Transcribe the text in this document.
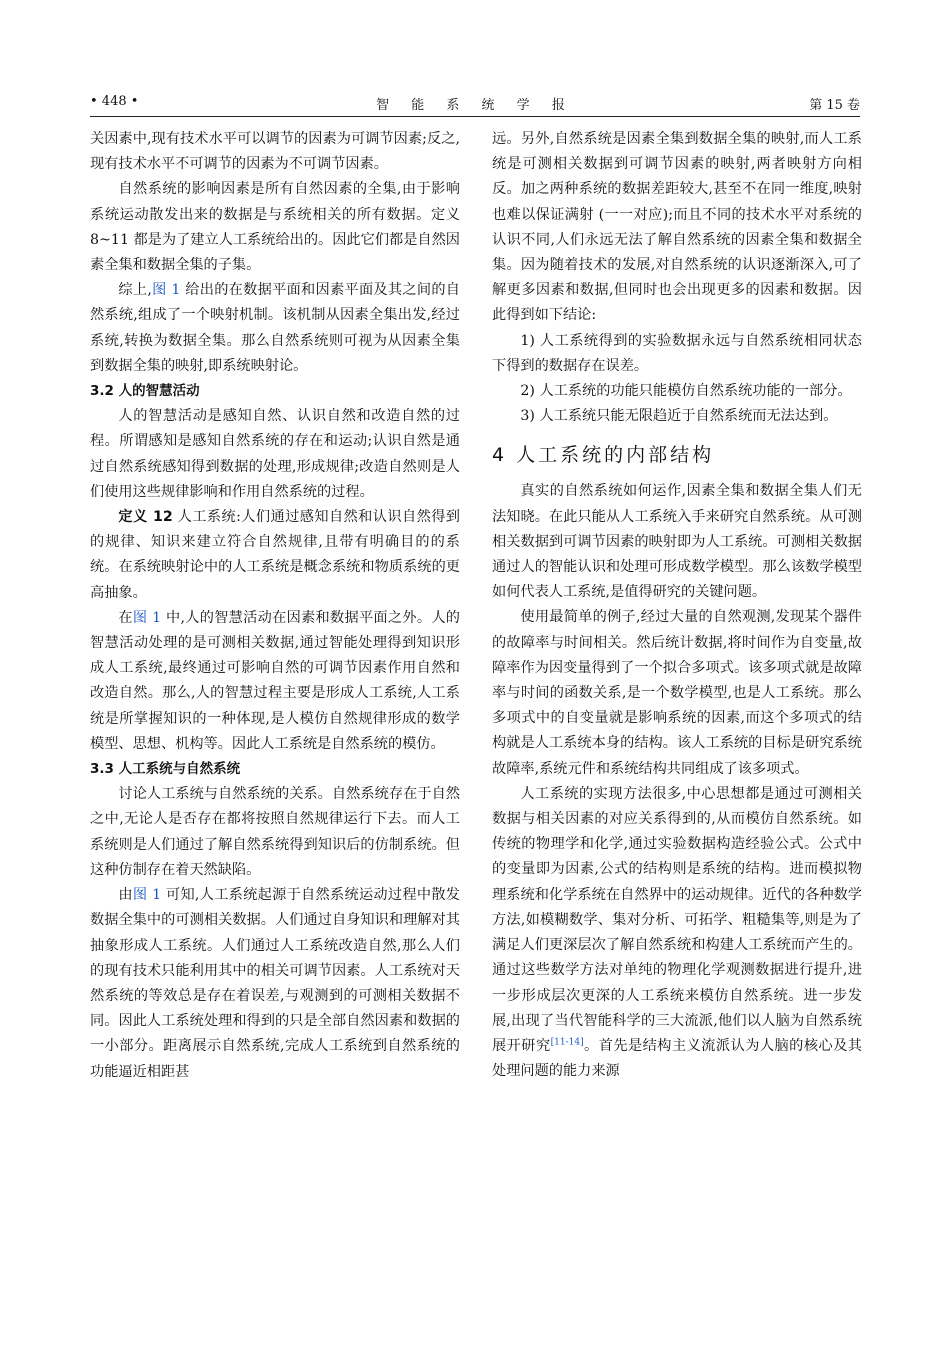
• 448 •	智 能 系 统 学 报	第 15 卷

关因素中,现有技术水平可以调节的因素为可调节因素;反之,现有技术水平不可调节的因素为不可调节因素。

自然系统的影响因素是所有自然因素的全集,由于影响系统运动散发出来的数据是与系统相关的所有数据。定义 8~11 都是为了建立人工系统给出的。因此它们都是自然因素全集和数据全集的子集。

综上,图 1 给出的在数据平面和因素平面及其之间的自然系统,组成了一个映射机制。该机制从因素全集出发,经过系统,转换为数据全集。那么自然系统则可视为从因素全集到数据全集的映射,即系统映射论。

3.2 人的智慧活动

人的智慧活动是感知自然、认识自然和改造自然的过程。所谓感知是感知自然系统的存在和运动;认识自然是通过自然系统感知得到数据的处理,形成规律;改造自然则是人们使用这些规律影响和作用自然系统的过程。

定义 12 人工系统:人们通过感知自然和认识自然得到的规律、知识来建立符合自然规律,且带有明确目的的系统。在系统映射论中的人工系统是概念系统和物质系统的更高抽象。

在图 1 中,人的智慧活动在因素和数据平面之外。人的智慧活动处理的是可测相关数据,通过智能处理得到知识形成人工系统,最终通过可影响自然的可调节因素作用自然和改造自然。那么,人的智慧过程主要是形成人工系统,人工系统是所掌握知识的一种体现,是人模仿自然规律形成的数学模型、思想、机构等。因此人工系统是自然系统的模仿。

3.3 人工系统与自然系统

讨论人工系统与自然系统的关系。自然系统存在于自然之中,无论人是否存在都将按照自然规律运行下去。而人工系统则是人们通过了解自然系统得到知识后的仿制系统。但这种仿制存在着天然缺陷。

由图 1 可知,人工系统起源于自然系统运动过程中散发数据全集中的可测相关数据。人们通过自身知识和理解对其抽象形成人工系统。人们通过人工系统改造自然,那么人们的现有技术只能利用其中的相关可调节因素。人工系统对天然系统的等效总是存在着误差,与观测到的可测相关数据不同。因此人工系统处理和得到的只是全部自然因素和数据的一小部分。距离展示自然系统,完成人工系统到自然系统的功能逼近相距甚

远。另外,自然系统是因素全集到数据全集的映射,而人工系统是可测相关数据到可调节因素的映射,两者映射方向相反。加之两种系统的数据差距较大,甚至不在同一维度,映射也难以保证满射 (一一对应);而且不同的技术水平对系统的认识不同,人们永远无法了解自然系统的因素全集和数据全集。因为随着技术的发展,对自然系统的认识逐渐深入,可了解更多因素和数据,但同时也会出现更多的因素和数据。因此得到如下结论:

1) 人工系统得到的实验数据永远与自然系统相同状态下得到的数据存在误差。

2) 人工系统的功能只能模仿自然系统功能的一部分。

3) 人工系统只能无限趋近于自然系统而无法达到。

4 人工系统的内部结构

真实的自然系统如何运作,因素全集和数据全集人们无法知晓。在此只能从人工系统入手来研究自然系统。从可测相关数据到可调节因素的映射即为人工系统。可测相关数据通过人的智能认识和处理可形成数学模型。那么该数学模型如何代表人工系统,是值得研究的关键问题。

使用最简单的例子,经过大量的自然观测,发现某个器件的故障率与时间相关。然后统计数据,将时间作为自变量,故障率作为因变量得到了一个拟合多项式。该多项式就是故障率与时间的函数关系,是一个数学模型,也是人工系统。那么多项式中的自变量就是影响系统的因素,而这个多项式的结构就是人工系统本身的结构。该人工系统的目标是研究系统故障率,系统元件和系统结构共同组成了该多项式。

人工系统的实现方法很多,中心思想都是通过可测相关数据与相关因素的对应关系得到的,从而模仿自然系统。如传统的物理学和化学,通过实验数据构造经验公式。公式中的变量即为因素,公式的结构则是系统的结构。进而模拟物理系统和化学系统在自然界中的运动规律。近代的各种数学方法,如模糊数学、集对分析、可拓学、粗糙集等,则是为了满足人们更深层次了解自然系统和构建人工系统而产生的。通过这些数学方法对单纯的物理化学观测数据进行提升,进一步形成层次更深的人工系统来模仿自然系统。进一步发展,出现了当代智能科学的三大流派,他们以人脑为自然系统展开研究[11-14]。首先是结构主义流派认为人脑的核心及其处理问题的能力来源
